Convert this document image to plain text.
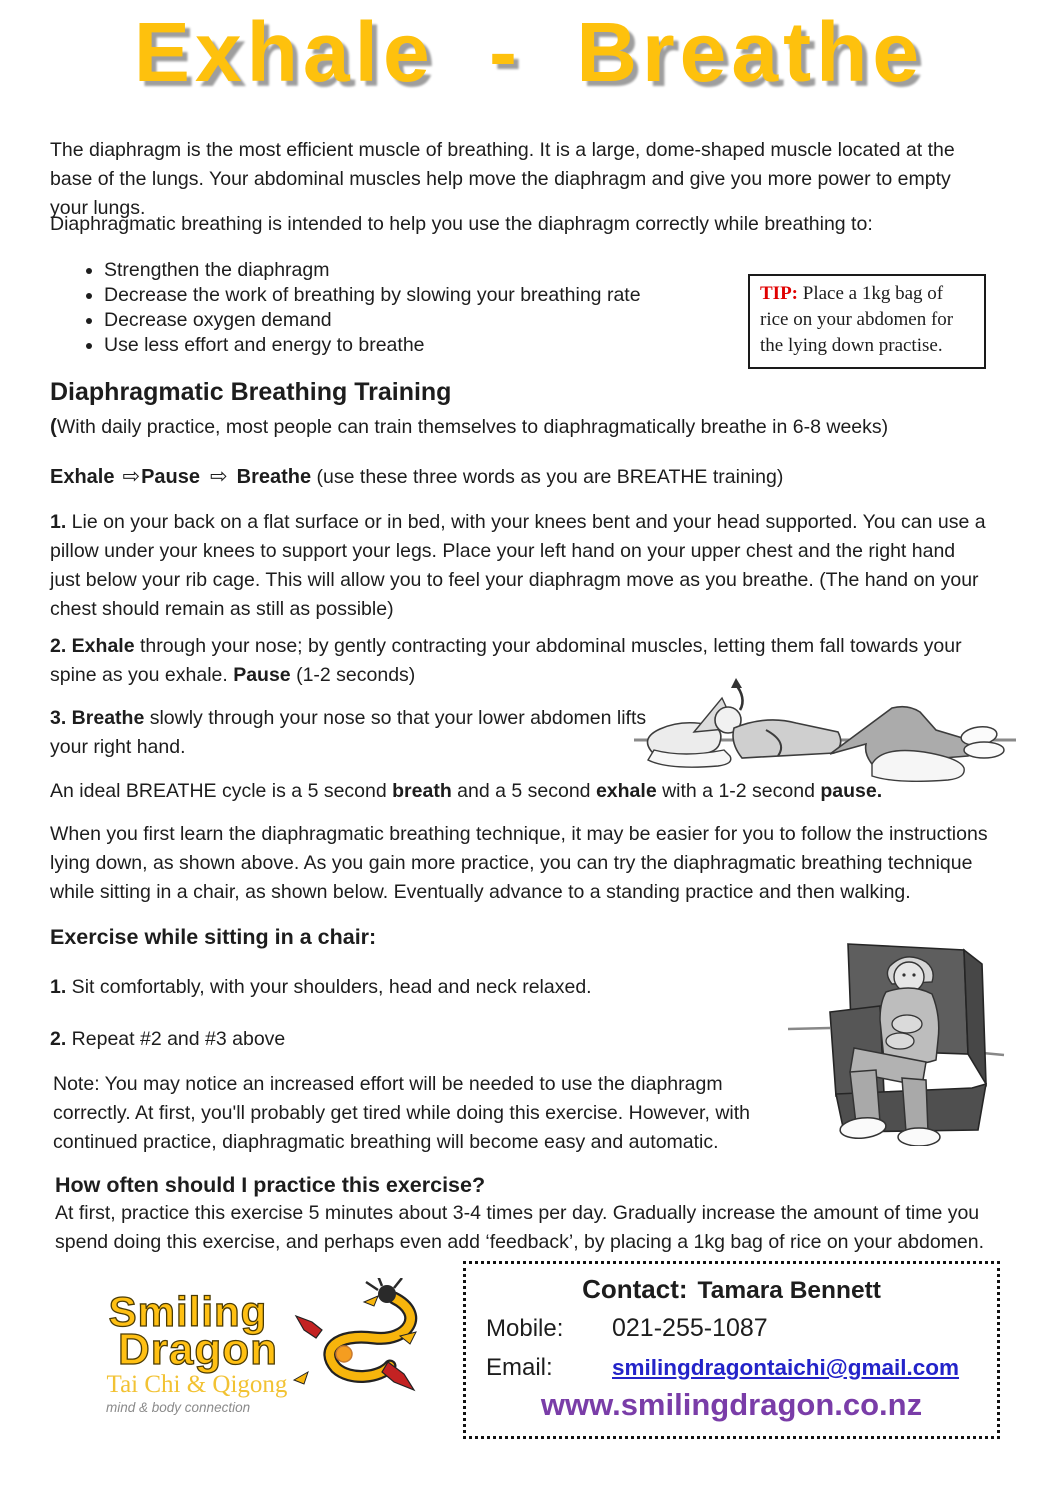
Exhale - Breathe

The diaphragm is the most efficient muscle of breathing. It is a large, dome-shaped muscle located at the base of the lungs. Your abdominal muscles help move the diaphragm and give you more power to empty your lungs.

Diaphragmatic breathing is intended to help you use the diaphragm correctly while breathing to:

• Strengthen the diaphragm
• Decrease the work of breathing by slowing your breathing rate
• Decrease oxygen demand
• Use less effort and energy to breathe
TIP: Place a 1kg bag of rice on your abdomen for the lying down practise.
Diaphragmatic Breathing Training

(With daily practice, most people can train themselves to diaphragmatically breathe in 6-8 weeks)

Exhale ⇨Pause ⇨ Breathe (use these three words as you are BREATHE training)

1. Lie on your back on a flat surface or in bed, with your knees bent and your head supported. You can use a pillow under your knees to support your legs. Place your left hand on your upper chest and the right hand just below your rib cage. This will allow you to feel your diaphragm move as you breathe. (The hand on your chest should remain as still as possible)

2. Exhale through your nose; by gently contracting your abdominal muscles, letting them fall towards your spine as you exhale. Pause (1-2 seconds)

3. Breathe slowly through your nose so that your lower abdomen lifts your right hand.

An ideal BREATHE cycle is a 5 second breath and a 5 second exhale with a 1-2 second pause.

When you first learn the diaphragmatic breathing technique, it may be easier for you to follow the instructions lying down, as shown above. As you gain more practice, you can try the diaphragmatic breathing technique while sitting in a chair, as shown below. Eventually advance to a standing practice and then walking.

Exercise while sitting in a chair:

1. Sit comfortably, with your shoulders, head and neck relaxed.

2. Repeat #2 and #3 above

Note: You may notice an increased effort will be needed to use the diaphragm correctly. At first, you'll probably get tired while doing this exercise. However, with continued practice, diaphragmatic breathing will become easy and automatic.

How often should I practice this exercise?

At first, practice this exercise 5 minutes about 3-4 times per day. Gradually increase the amount of time you spend doing this exercise, and perhaps even add ‘feedback’, by placing a 1kg bag of rice on your abdomen.

Smiling
Dragon
Tai Chi & Qigong
mind & body connection
Contact: Tamara Bennett
Mobile: 021-255-1087
Email:	smilingdragontaichi@gmail.com
www.smilingdragon.co.nz
